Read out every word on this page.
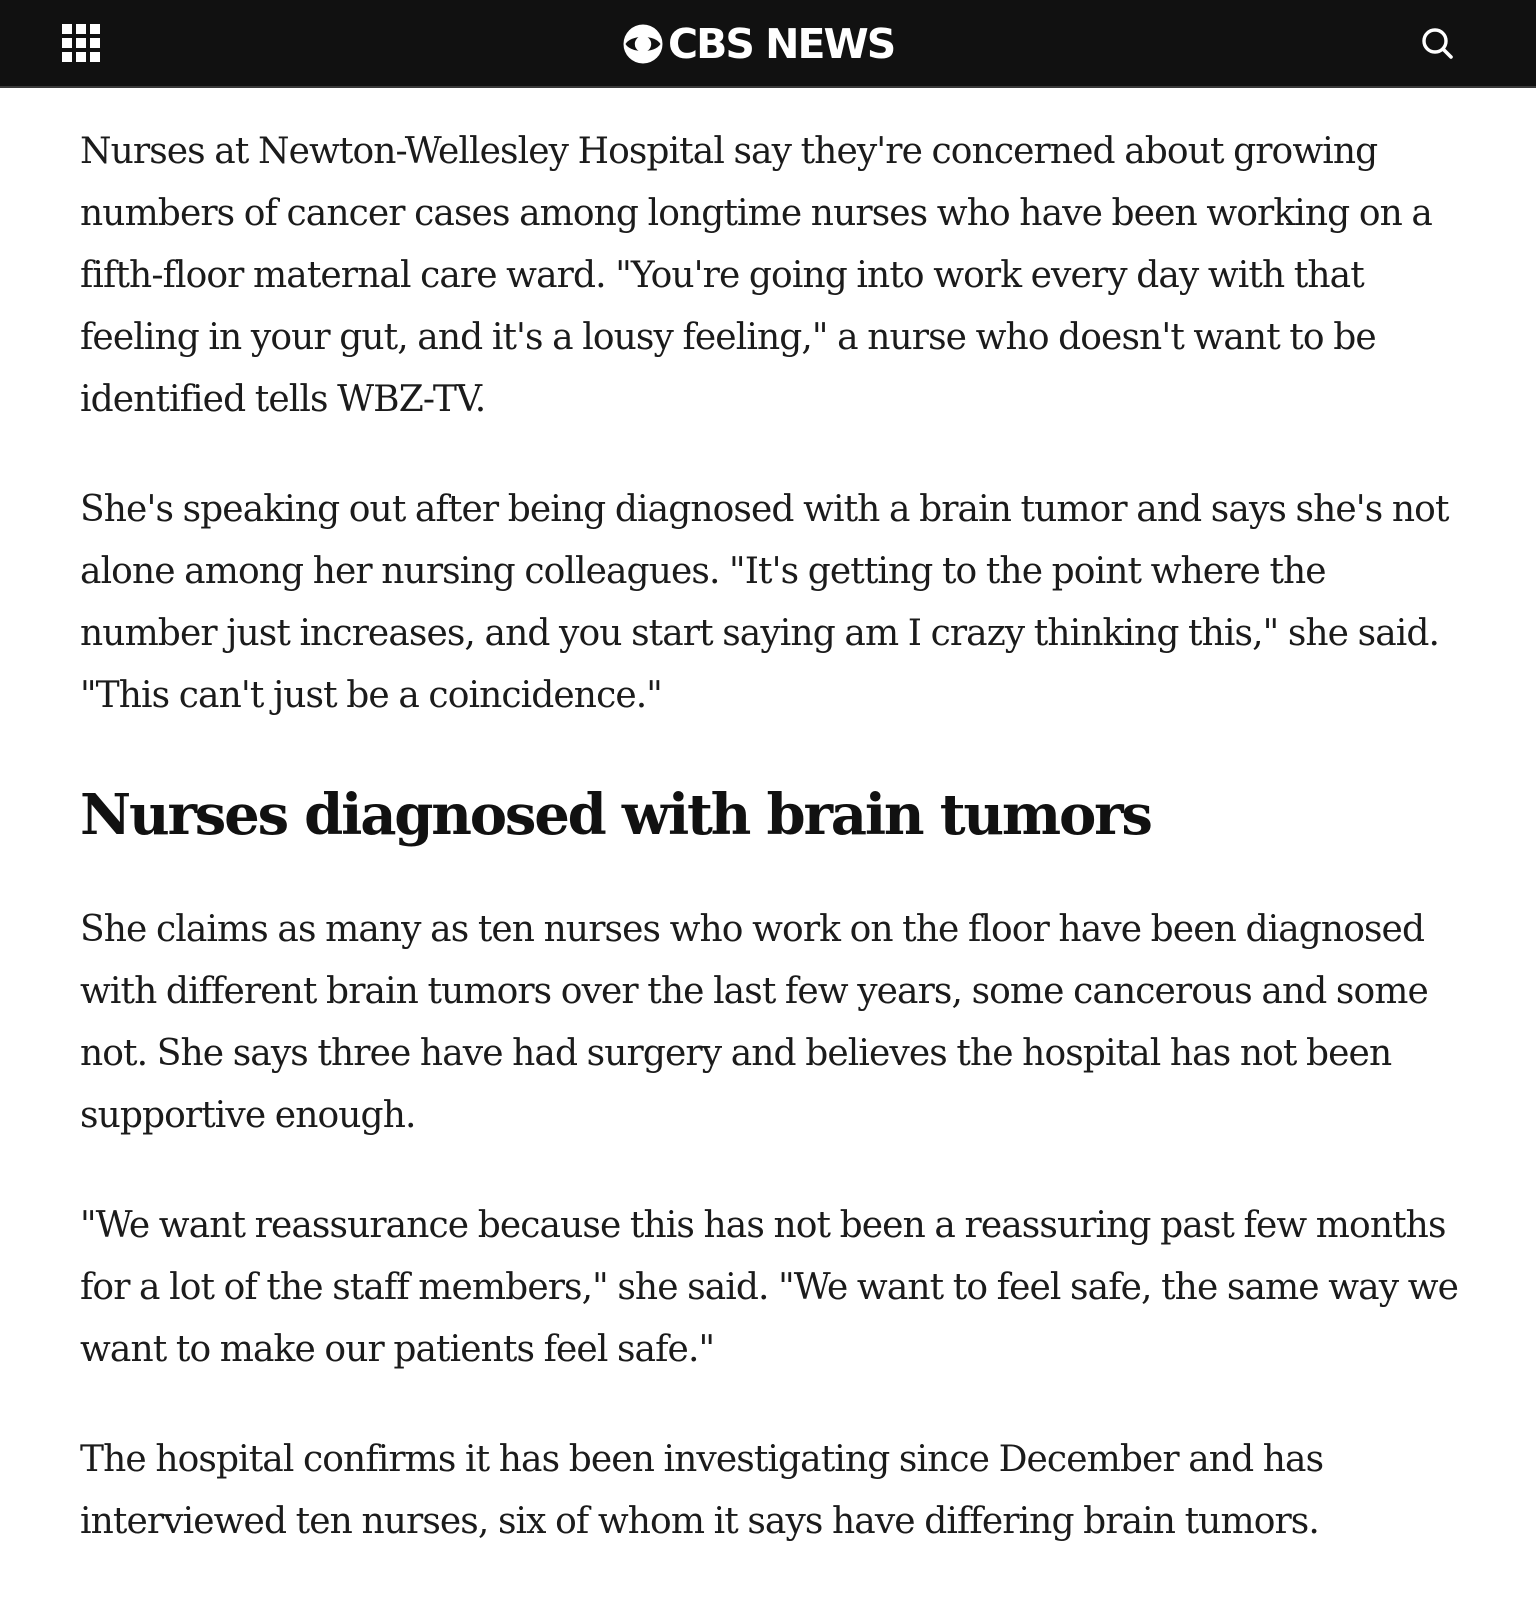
CBS NEWS

Nurses at Newton-Wellesley Hospital say they're concerned about growing numbers of cancer cases among longtime nurses who have been working on a fifth-floor maternal care ward. "You're going into work every day with that feeling in your gut, and it's a lousy feeling," a nurse who doesn't want to be identified tells WBZ-TV.

She's speaking out after being diagnosed with a brain tumor and says she's not alone among her nursing colleagues. "It's getting to the point where the number just increases, and you start saying am I crazy thinking this," she said. "This can't just be a coincidence."

Nurses diagnosed with brain tumors

She claims as many as ten nurses who work on the floor have been diagnosed with different brain tumors over the last few years, some cancerous and some not. She says three have had surgery and believes the hospital has not been supportive enough.

"We want reassurance because this has not been a reassuring past few months for a lot of the staff members," she said. "We want to feel safe, the same way we want to make our patients feel safe."

The hospital confirms it has been investigating since December and has interviewed ten nurses, six of whom it says have differing brain tumors.
